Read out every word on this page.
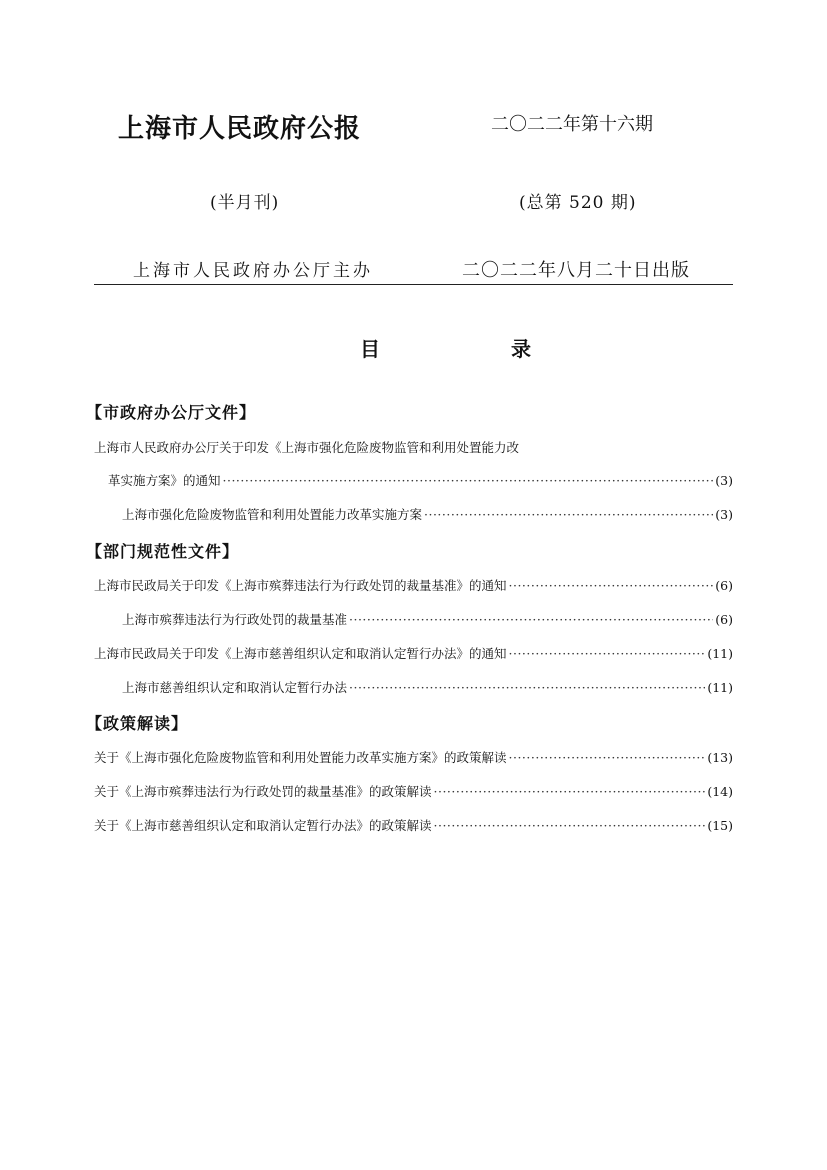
上海市人民政府公报	二〇二二年第十六期
(半月刊)	(总第 520 期)
上海市人民政府办公厅主办	二〇二二年八月二十日出版
目 录
【市政府办公厅文件】
上海市人民政府办公厅关于印发《上海市强化危险废物监管和利用处置能力改
革实施方案》的通知 ·····	(3)
上海市强化危险废物监管和利用处置能力改革实施方案 ·····	(3)
【部门规范性文件】
上海市民政局关于印发《上海市殡葬违法行为行政处罚的裁量基准》的通知 ·····	(6)
上海市殡葬违法行为行政处罚的裁量基准 ·····	(6)
上海市民政局关于印发《上海市慈善组织认定和取消认定暂行办法》的通知 ·····	(11)
上海市慈善组织认定和取消认定暂行办法 ·····	(11)
【政策解读】
关于《上海市强化危险废物监管和利用处置能力改革实施方案》的政策解读 ·····	(13)
关于《上海市殡葬违法行为行政处罚的裁量基准》的政策解读 ·····	(14)
关于《上海市慈善组织认定和取消认定暂行办法》的政策解读 ·····	(15)
